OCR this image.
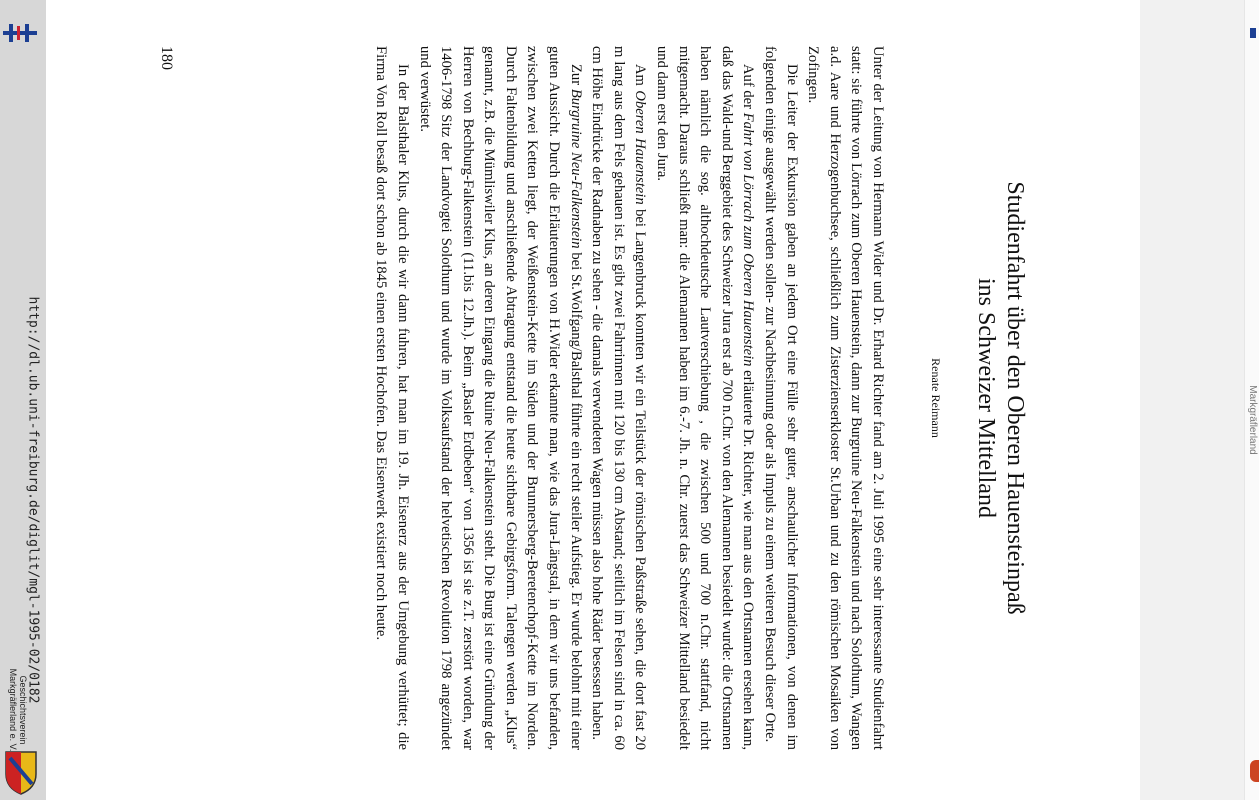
http://dl.ub.uni-freiburg.de/diglit/mgl-1995-02/0182
Geschichtsverein
Markgräflerland e. V.
Studienfahrt über den Oberen Hauensteinpaß
ins Schweizer Mittelland
Renate Reimann

Unter der Leitung von Hermann Wider und Dr. Erhard Richter fand am 2. Juli 1995 eine sehr interessante Studienfahrt statt: sie führte von Lörrach zum Oberen Hauenstein, dann zur Burgruine Neu-Falkenstein und nach Solothurn, Wangen a.d. Aare und Herzogenbuchsee, schließlich zum Zisterzienserkloster St.Urban und zu den römischen Mosaiken von Zofingen.

Die Leiter der Exkursion gaben an jedem Ort eine Fülle sehr guter, anschaulicher Informationen, von denen im folgenden einige ausgewählt werden sollen- zur Nachbesinnung oder als Impuls zu einem weiteren Besuch dieser Orte.

Auf der Fahrt von Lörrach zum Oberen Hauenstein erläuterte Dr. Richter, wie man aus den Ortsnamen ersehen kann, daß das Wald-und Berggebiet des Schweizer Jura erst ab 700 n.Chr. von den Alemannen besiedelt wurde: die Ortsnamen haben nämlich die sog. althochdeutsche Lautverschiebung , die zwischen 500 und 700 n.Chr. stattfand, nicht mitgemacht. Daraus schließt man: die Alemannen haben im 6.-7. Jh. n. Chr. zuerst das Schweizer Mittelland besiedelt und dann erst den Jura.

Am Oberen Hauenstein bei Langenbruck konnten wir ein Teilstück der römischen Paßstraße sehen, die dort fast 20 m lang aus dem Fels gehauen ist. Es gibt zwei Fahrrinnen mit 120 bis 130 cm Abstand; seitlich im Felsen sind in ca. 60 cm Höhe Eindrücke der Radnaben zu sehen - die damals verwendeten Wagen müssen also hohe Räder besessen haben.

Zur Burgruine Neu-Falkenstein bei St.Wolfgang/Balsthal führte ein recht steiler Aufstieg. Er wurde belohnt mit einer guten Aussicht. Durch die Erläuterungen von H.Wider erkannte man, wie das Jura-Längstal, in dem wir uns befanden, zwischen zwei Ketten liegt, der Weißenstein-Kette im Süden und der Brunnersberg-Beretenchopf-Kette im Norden. Durch Faltenbildung und anschließende Abtragung entstand die heute sichtbare Gebirgsform. Talengen werden „Klus“ genannt, z.B. die Mümliswiler Klus, an deren Eingang die Ruine Neu-Falkenstein steht. Die Burg ist eine Gründung der Herren von Bechburg-Falkenstein (11.bis 12.Jh.). Beim „Basler Erdbeben“ von 1356 ist sie z.T. zerstört worden, war 1406-1798 Sitz der Landvogtei Solothurn und wurde im Volksaufstand der helvetischen Revolution 1798 angezündet und verwüstet.

In der Balsthaler Klus, durch die wir dann fuhren, hat man im 19. Jh. Eisenerz aus der Umgebung verhüttet; die Firma Von Roll besaß dort schon ab 1845 einen ersten Hochofen. Das Eisenwerk existiert noch heute.

180
Markgräflerland
